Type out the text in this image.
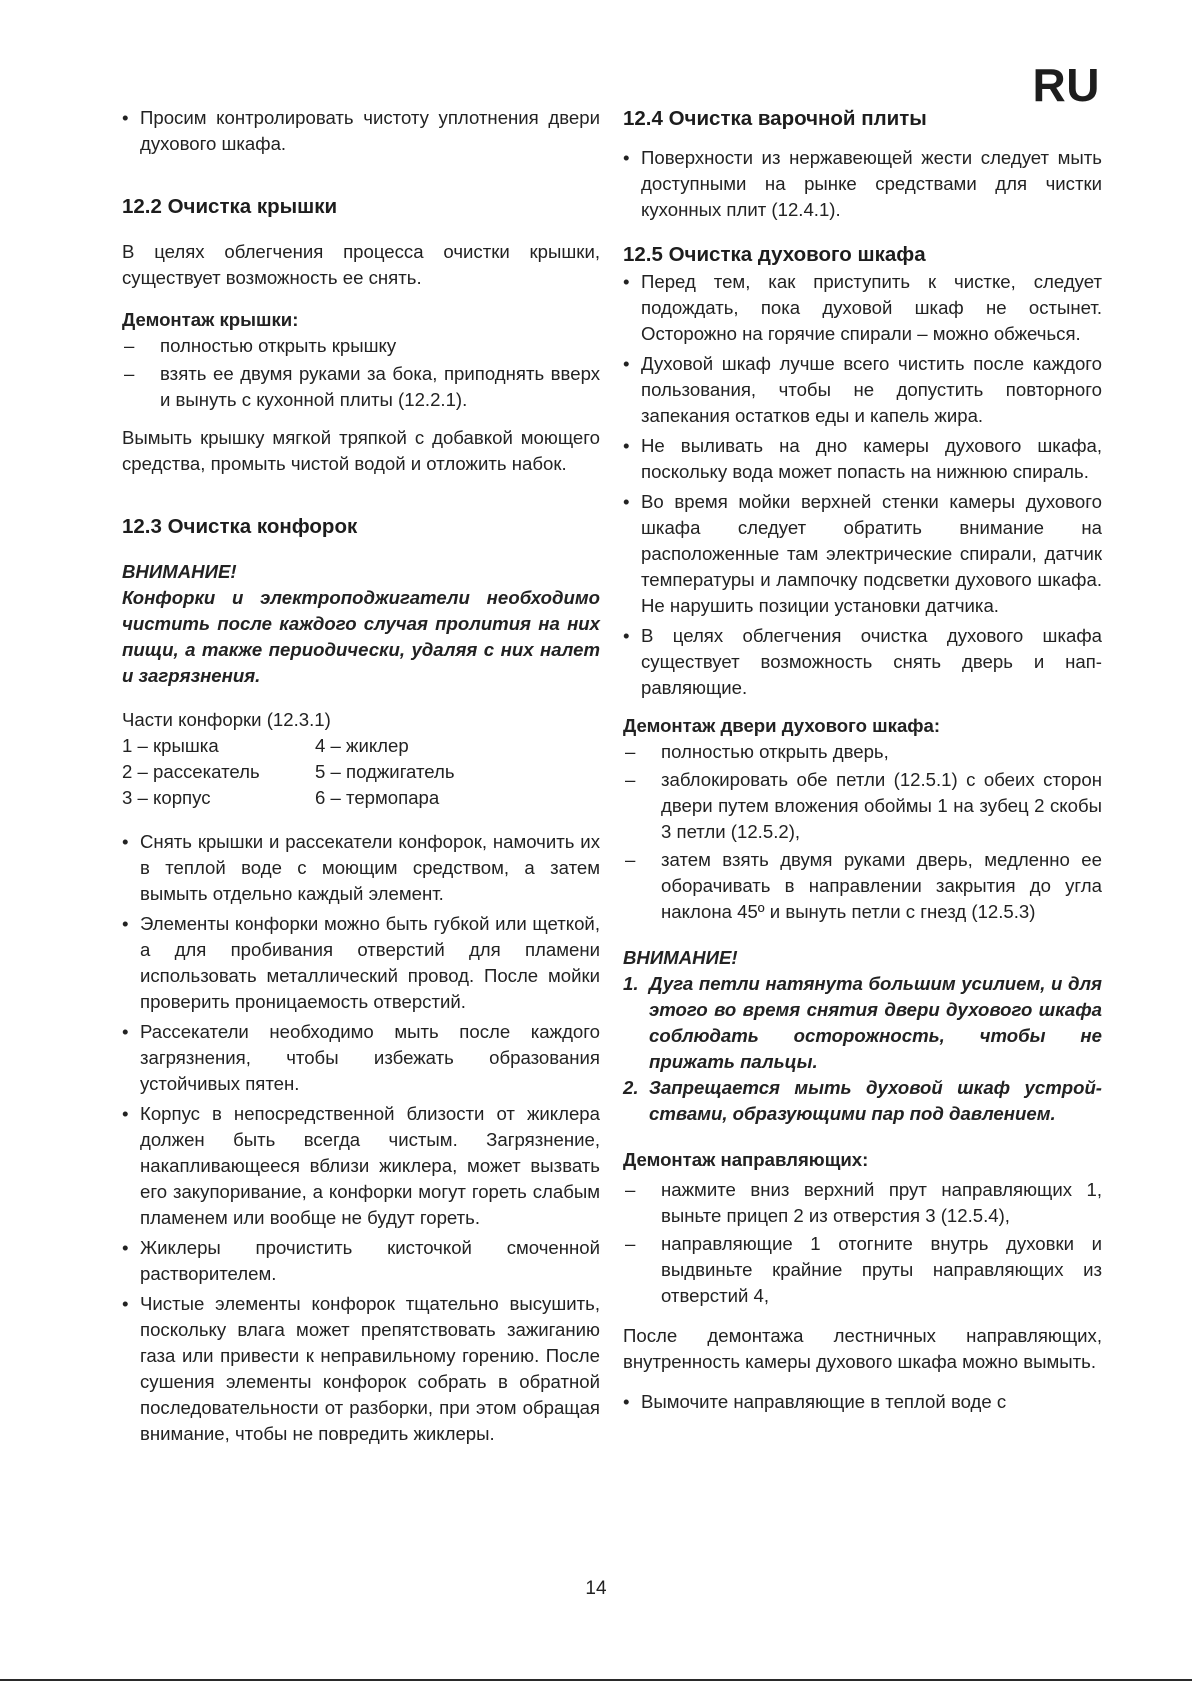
RU
• Просим контролировать чистоту уплотнения двери духового шкафа.
12.2 Очистка крышки

В целях облегчения процесса очистки крышки, существует возможность ее снять.

Демонтаж крышки:

– полностью открыть крышку
– взять ее двумя руками за бока, приподнять вверх и вынуть с кухонной плиты (12.2.1).

Вымыть крышку мягкой тряпкой с добавкой моющего средства, промыть чистой водой и отложить набок.

12.3 Очистка конфорок

ВНИМАНИЕ!

Конфорки и электроподжигатели необходимо чистить после каждого случая пролития на них пищи, а также периодически, удаляя с них налет и загрязнения.

Части конфорки (12.3.1)

1 – крышка	4 – жиклер
2 – рассекатель	5 – поджигатель
3 – корпус	6 – термопара
• Снять крышки и рассекатели конфорок, намочить их в теплой воде с моющим средством, а затем вымыть отдельно каждый элемент.
• Элементы конфорки можно быть губкой или щеткой, а для пробивания отверстий для пламени использовать металлический провод. После мойки проверить проницаемость отверстий.
• Рассекатели необходимо мыть после каждого загрязнения, чтобы избежать образования устойчивых пятен.
• Корпус в непосредственной близости от жиклера должен быть всегда чистым. Загрязнение, накапливающееся вблизи жиклера, может вызвать его закупоривание, а конфорки могут гореть слабым пламенем или вообще не будут гореть.
• Жиклеры прочистить кисточкой смоченной растворителем.
• Чистые элементы конфорок тщательно высушить, поскольку влага может препятствовать зажиганию газа или привести к неправильному горению. После сушения элементы конфорок собрать в обратной последовательности от разборки, при этом обращая внимание, чтобы не повредить жиклеры.
12.4 Очистка варочной плиты
• Поверхности из нержавеющей жести следует мыть доступными на рынке средствами для чистки кухонных плит (12.4.1).
12.5 Очистка духового шкафа
• Перед тем, как приступить к чистке, следует подождать, пока духовой шкаф не остынет. Осторожно на горячие спирали – можно обжечься.
• Духовой шкаф лучше всего чистить после каждого пользования, чтобы не допустить повторного запекания остатков еды и капель жира.
• Не выливать на дно камеры духового шкафа, поскольку вода может попасть на нижнюю спираль.
• Во время мойки верхней стенки камеры духового шкафа следует обратить внимание на расположенные там электрические спирали, датчик температуры и лампочку подсветки духового шкафа. Не нарушить позиции установки датчика.
• В целях облегчения очистка духового шкафа существует возможность снять дверь и нап-равляющие.

Демонтаж двери духового шкафа:

– полностью открыть дверь,
– заблокировать обе петли (12.5.1) с обеих сторон двери путем вложения обоймы 1 на зубец 2 скобы 3 петли (12.5.2),
– затем взять двумя руками дверь, медленно ее оборачивать в направлении закрытия до угла наклона 45º и вынуть петли с гнезд (12.5.3)

ВНИМАНИЕ!

1. Дуга петли натянута большим усилием, и для этого во время снятия двери духового шкафа соблюдать осторожность, чтобы не прижать пальцы.
2. Запрещается мыть духовой шкаф устрой-ствами, образующими пар под давлением.

Демонтаж направляющих:

– нажмите вниз верхний прут направляющих 1, выньте прицеп 2 из отверстия 3 (12.5.4),
– направляющие 1 отогните внутрь духовки и выдвиньте крайние пруты направляющих из отверстий 4,

После демонтажа лестничных направляющих, внутренность камеры духового шкафа можно вымыть.

• Вымочите направляющие в теплой воде с
14
